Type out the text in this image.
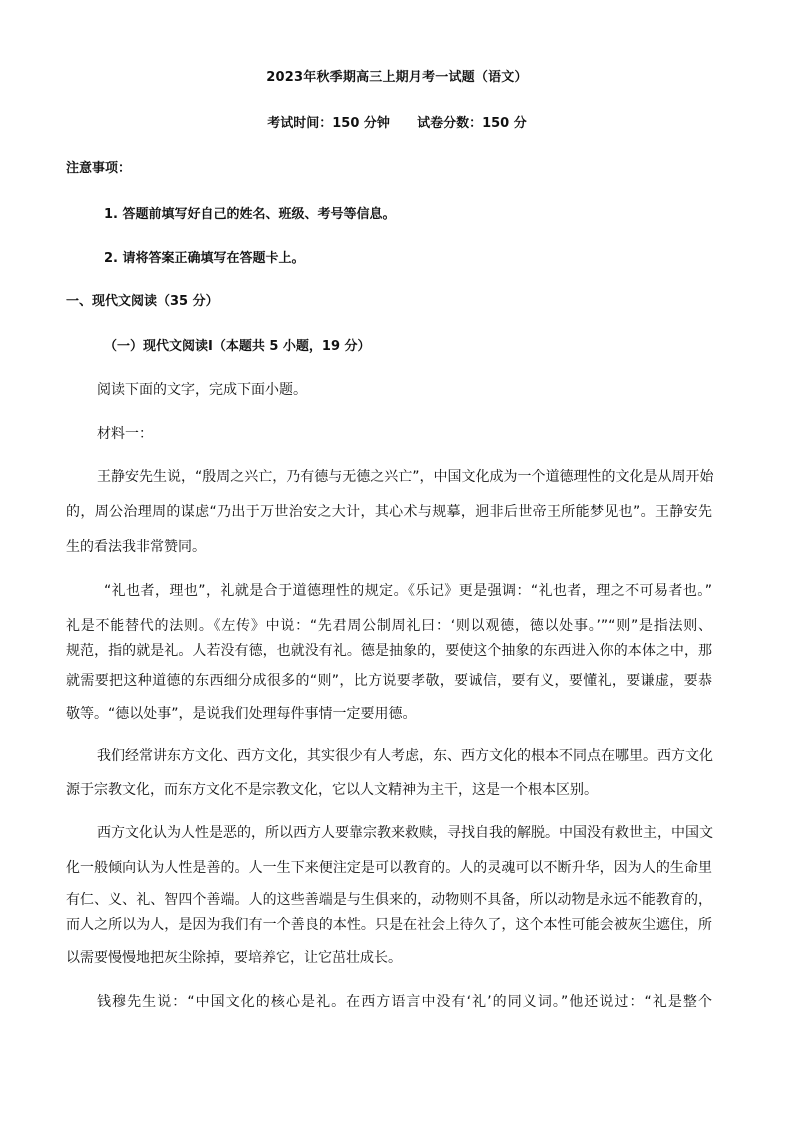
2023年秋季期高三上期月考一试题（语文）
考试时间：150 分钟      试卷分数：150 分
注意事项：
1. 答题前填写好自己的姓名、班级、考号等信息。
2. 请将答案正确填写在答题卡上。
一、现代文阅读（35 分）
（一）现代文阅读Ⅰ（本题共 5 小题，19 分）
阅读下面的文字，完成下面小题。
材料一：
王静安先生说，“殷周之兴亡，乃有德与无德之兴亡”，中国文化成为一个道德理性的文化是从周开始
的，周公治理周的谋虑“乃出于万世治安之大计，其心术与规摹，迥非后世帝王所能梦见也”。王静安先
生的看法我非常赞同。
“礼也者，理也”，礼就是合于道德理性的规定。《乐记》更是强调：“礼也者，理之不可易者也。”
礼是不能替代的法则。《左传》中说：“先君周公制周礼曰：‘则以观德，德以处事。’”“则”是指法则、
规范，指的就是礼。人若没有德，也就没有礼。德是抽象的，要使这个抽象的东西进入你的本体之中，那
就需要把这种道德的东西细分成很多的“则”，比方说要孝敬，要诚信，要有义，要懂礼，要谦虚，要恭
敬等。“德以处事”，是说我们处理每件事情一定要用德。
我们经常讲东方文化、西方文化，其实很少有人考虑，东、西方文化的根本不同点在哪里。西方文化
源于宗教文化，而东方文化不是宗教文化，它以人文精神为主干，这是一个根本区别。
西方文化认为人性是恶的，所以西方人要靠宗教来救赎，寻找自我的解脱。中国没有救世主，中国文
化一般倾向认为人性是善的。人一生下来便注定是可以教育的。人的灵魂可以不断升华，因为人的生命里
有仁、义、礼、智四个善端。人的这些善端是与生俱来的，动物则不具备，所以动物是永远不能教育的，
而人之所以为人，是因为我们有一个善良的本性。只是在社会上待久了，这个本性可能会被灰尘遮住，所
以需要慢慢地把灰尘除掉，要培养它，让它茁壮成长。
钱穆先生说：“中国文化的核心是礼。在西方语言中没有‘礼’的同义词。”他还说过：“礼是整个
